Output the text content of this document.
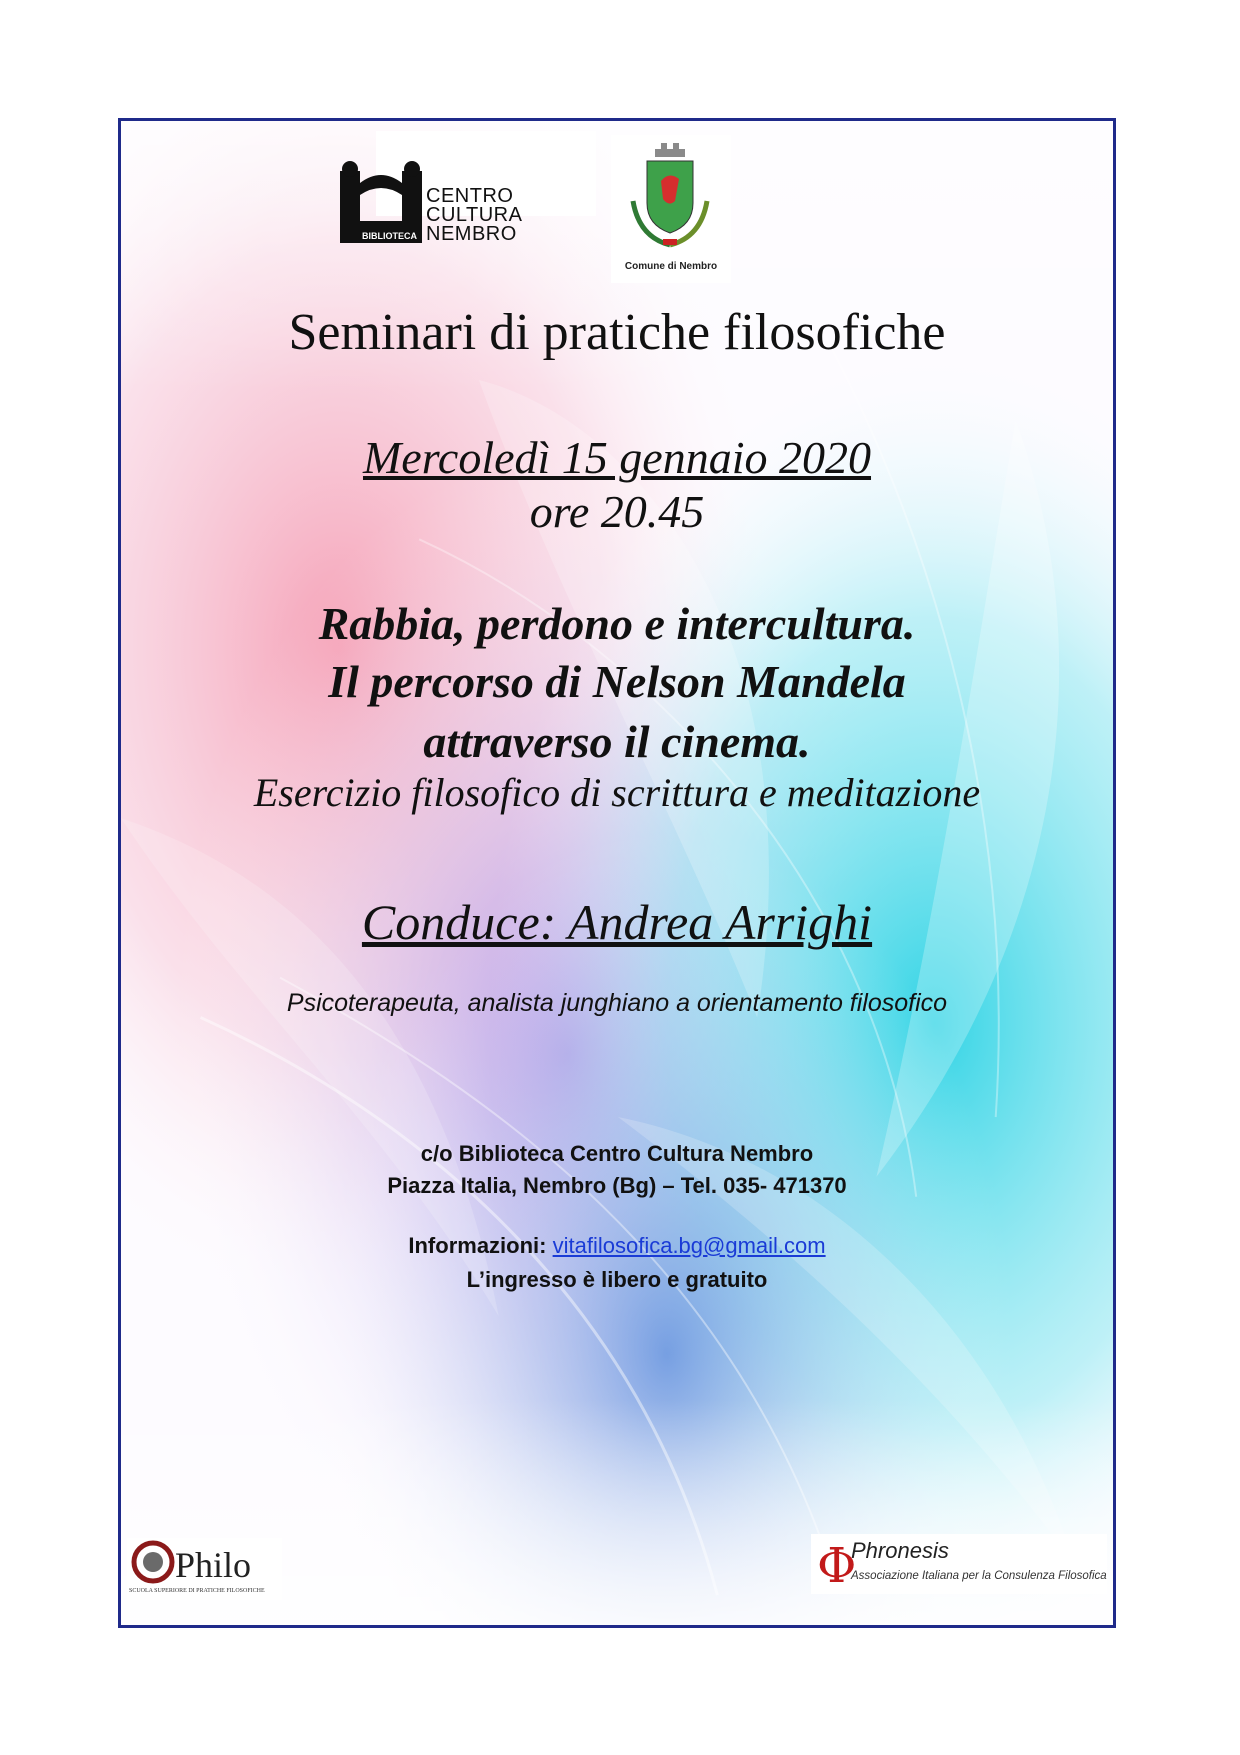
BIBLIOTECA
CENTRO
CULTURA
NEMBRO
Comune di Nembro
Seminari di pratiche filosofiche
Mercoledì 15 gennaio 2020
ore 20.45
Rabbia, perdono e intercultura.
Il percorso di Nelson Mandela
attraverso il cinema.
Esercizio filosofico di scrittura e meditazione
Conduce: Andrea Arrighi
Psicoterapeuta, analista junghiano a orientamento filosofico
c/o Biblioteca Centro Cultura Nembro
Piazza Italia, Nembro (Bg) – Tel. 035- 471370
Informazioni: vitafilosofica.bg@gmail.com
L’ingresso è libero e gratuito
Philo
SCUOLA SUPERIORE DI PRATICHE FILOSOFICHE	Φ
Phronesis
Associazione Italiana per la Consulenza Filosofica
